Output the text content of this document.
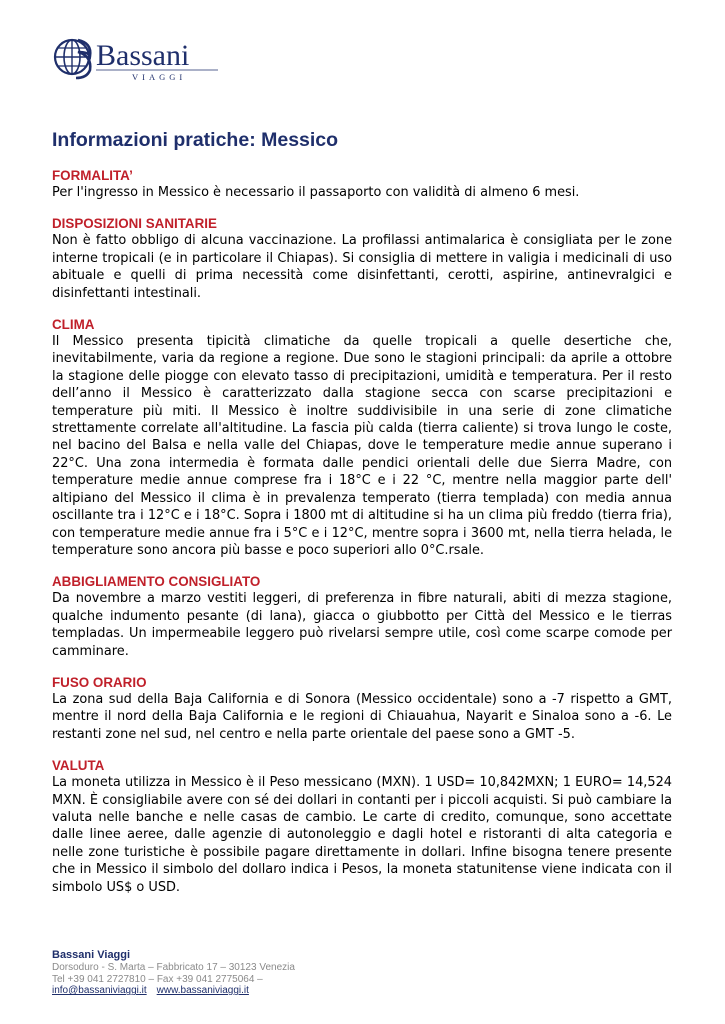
Bassani
VIAGGI
Informazioni pratiche: Messico
FORMALITA’

Per l'ingresso in Messico è necessario il passaporto con validità di almeno 6 mesi.

DISPOSIZIONI SANITARIE

Non è fatto obbligo di alcuna vaccinazione. La profilassi antimalarica è consigliata per le zone interne tropicali (e in particolare il Chiapas). Si consiglia di mettere in valigia i medicinali di uso abituale e quelli di prima necessità come disinfettanti, cerotti, aspirine, antinevralgici e disinfettanti intestinali.

CLIMA

Il Messico presenta tipicità climatiche da quelle tropicali a quelle desertiche che, inevitabilmente, varia da regione a regione. Due sono le stagioni principali: da aprile a ottobre la stagione delle piogge con elevato tasso di precipitazioni, umidità e temperatura. Per il resto dell’anno il Messico è caratterizzato dalla stagione secca con scarse precipitazioni e temperature più miti. Il Messico è inoltre suddivisibile in una serie di zone climatiche strettamente correlate all'altitudine. La fascia più calda (tierra caliente) si trova lungo le coste, nel bacino del Balsa e nella valle del Chiapas, dove le temperature medie annue superano i 22°C. Una zona intermedia è formata dalle pendici orientali delle due Sierra Madre, con temperature medie annue comprese fra i 18°C e i 22 °C, mentre nella maggior parte dell' altipiano del Messico il clima è in prevalenza temperato (tierra templada) con media annua oscillante tra i 12°C e i 18°C. Sopra i 1800 mt di altitudine si ha un clima più freddo (tierra fria), con temperature medie annue fra i 5°C e i 12°C, mentre sopra i 3600 mt, nella tierra helada, le temperature sono ancora più basse e poco superiori allo 0°C.rsale.

ABBIGLIAMENTO CONSIGLIATO

Da novembre a marzo vestiti leggeri, di preferenza in fibre naturali, abiti di mezza stagione, qualche indumento pesante (di lana), giacca o giubbotto per Città del Messico e le tierras templadas. Un impermeabile leggero può rivelarsi sempre utile, così come scarpe comode per camminare.

FUSO ORARIO

La zona sud della Baja California e di Sonora (Messico occidentale) sono a -7 rispetto a GMT, mentre il nord della Baja California e le regioni di Chiauahua, Nayarit e Sinaloa sono a -6. Le restanti zone nel sud, nel centro e nella parte orientale del paese sono a GMT -5.

VALUTA

La moneta utilizza in Messico è il Peso messicano (MXN). 1 USD= 10,842MXN; 1 EURO= 14,524 MXN. È consigliabile avere con sé dei dollari in contanti per i piccoli acquisti. Si può cambiare la valuta nelle banche e nelle casas de cambio. Le carte di credito, comunque, sono accettate dalle linee aeree, dalle agenzie di autonoleggio e dagli hotel e ristoranti di alta categoria e nelle zone turistiche è possibile pagare direttamente in dollari. Infine bisogna tenere presente che in Messico il simbolo del dollaro indica i Pesos, la moneta statunitense viene indicata con il simbolo US$ o USD.

Bassani Viaggi
Dorsoduro - S. Marta – Fabbricato 17 – 30123 Venezia
Tel +39 041 2727810 – Fax +39 041 2775064 –
info@bassaniviaggi.it www.bassaniviaggi.it
